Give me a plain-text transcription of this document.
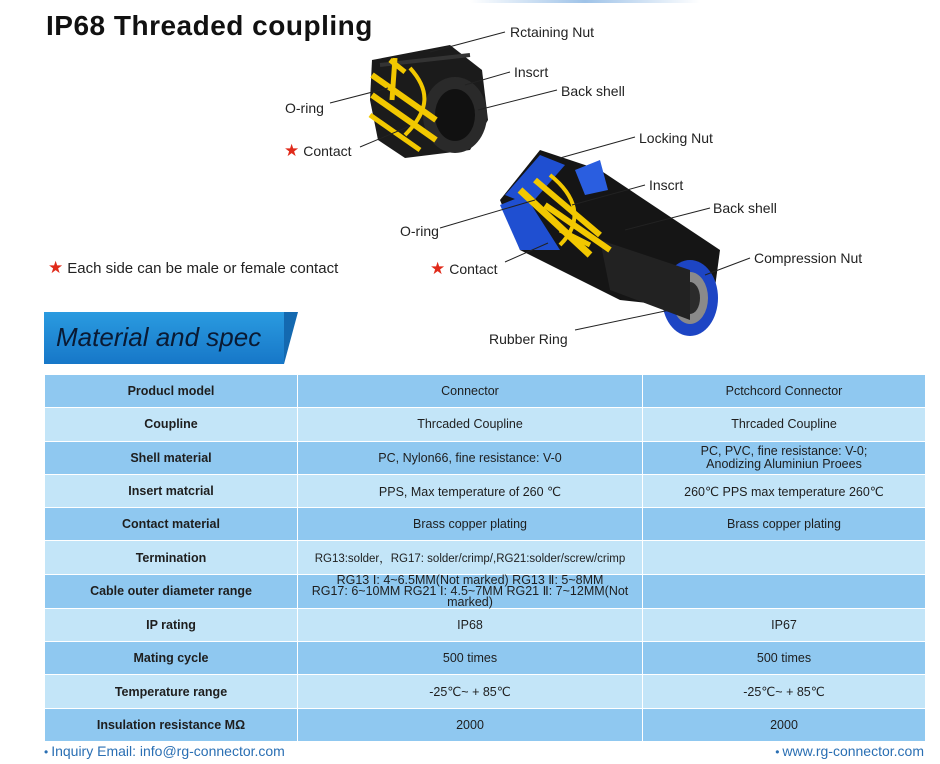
IP68 Threaded coupling	Rctaining Nut
Inscrt
Back shell
O-ring
★ Contact
Locking Nut
Inscrt
Back shell
O-ring
Compression Nut
★ Contact
Rubber Ring
★ Each side can be male or female contact
Material and spec
Producl model	Connector	Pctchcord Connector
Coupline	Thrcaded Coupline	Thrcaded Coupline
Shell material	PC, Nylon66, fine resistance: V-0	PC, PVC, fine resistance: V-0;
Anodizing Aluminiun Proees
Insert matcrial	PPS, Max temperature of 260 ℃	260℃ PPS max temperature 260℃
Contact material	Brass copper plating	Brass copper plating
Termination	RG13:solder，RG17: solder/crimp/,RG21:solder/screw/crimp	
Cable outer diameter range	RG13 Ⅰ: 4~6.5MM(Not marked) RG13 Ⅱ: 5~8MM
RG17: 6~10MM RG21 Ⅰ: 4.5~7MM RG21 Ⅱ: 7~12MM(Not marked)	
IP rating	IP68	IP67
Mating cycle	500 times	500 times
Temperature range	-25℃~ + 85℃	-25℃~ + 85℃
Insulation resistance MΩ	2000	2000
• Inquiry Email: info@rg-connector.com	• www.rg-connector.com
